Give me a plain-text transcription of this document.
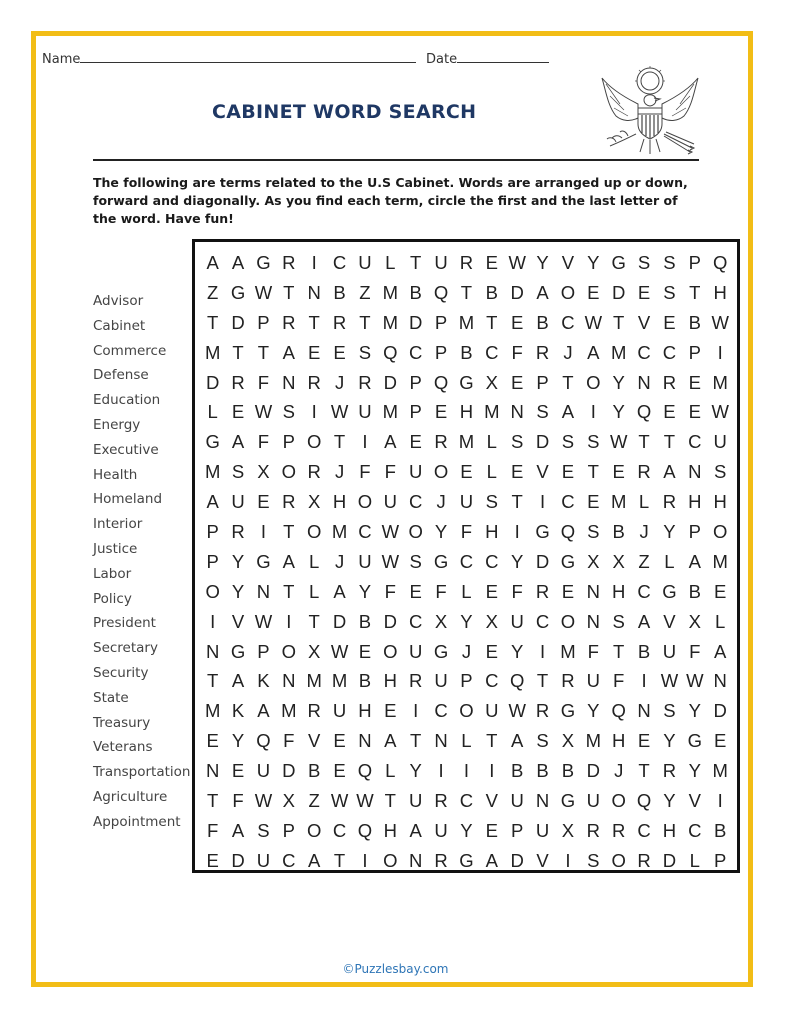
Name	Date
CABINET WORD SEARCH
The following are terms related to the U.S Cabinet. Words are arranged up or down, forward and diagonally. As you find each term, circle the first and the last letter of the word. Have fun!
Advisor
Cabinet
Commerce
Defense
Education
Energy
Executive
Health
Homeland
Interior
Justice
Labor
Policy
President
Secretary
Security
State
Treasury
Veterans
Transportation
Agriculture
Appointment
A A G R I C U L T U R E W Y V Y G S S P Q
Z G W T N B Z M B Q T B D A O E D E S T H
T D P R T R T M D P M T E B C W T V E B W
M T T A E E S Q C P B C F R J A M C C P I
D R F N R J R D P Q G X E P T O Y N R E M
L E W S I W U M P E H M N S A I Y Q E E W
G A F P O T I A E R M L S D S S W T T C U
M S X O R J F F U O E L E V E T E R A N S
A U E R X H O U C J U S T I C E M L R H H
P R I T O M C W O Y F H I G Q S B J Y P O
P Y G A L J U W S G C C Y D G X X Z L A M
O Y N T L A Y F E F L E F R E N H C G B E
I V W I T D B D C X Y X U C O N S A V X L
N G P O X W E O U G J E Y I M F T B U F A
T A K N M M B H R U P C Q T R U F I W W N
M K A M R U H E I C O U W R G Y Q N S Y D
E Y Q F V E N A T N L T A S X M H E Y G E
N E U D B E Q L Y I	I	I B B B D J T R Y M
T F W X Z W W T U R C V U N G U O Q Y V I
F A S P O C Q H A U Y E P U X R R C H C B
E D U C A T I O N R G A D V I S O R D L P
©Puzzlesbay.com
